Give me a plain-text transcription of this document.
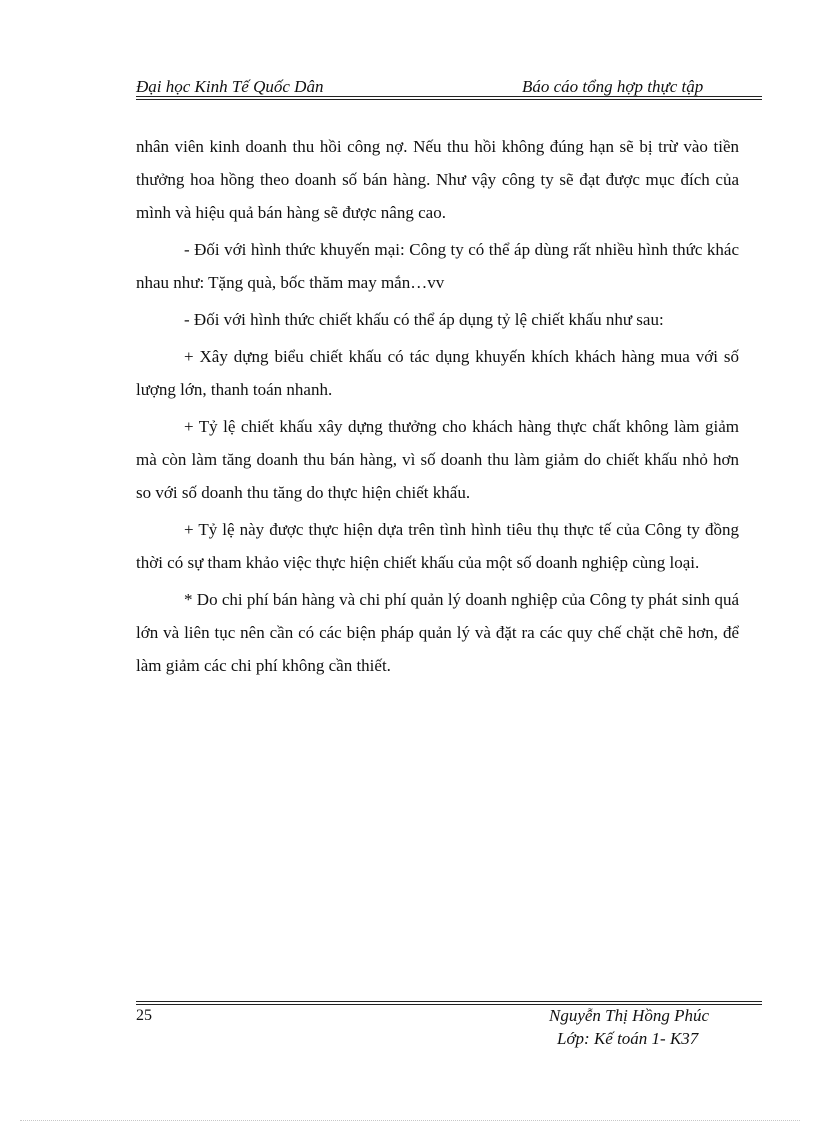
Đại học Kinh Tế Quốc Dân	Báo cáo tổng hợp thực tập

nhân viên kinh doanh thu hồi công nợ. Nếu thu hồi không đúng hạn sẽ bị trừ vào tiền thưởng hoa hồng theo doanh số bán hàng. Như vậy công ty sẽ đạt được mục đích của mình và hiệu quả bán hàng sẽ được nâng cao.

- Đối với hình thức khuyến mại: Công ty có thể áp dùng rất nhiều hình thức khác nhau như: Tặng quà, bốc thăm may mắn…vv

- Đối với hình thức chiết khấu có thể áp dụng tỷ lệ chiết khấu như sau:

+ Xây dựng biểu chiết khấu có tác dụng khuyến khích khách hàng mua với số lượng lớn, thanh toán nhanh.

+ Tỷ lệ chiết khấu xây dựng thưởng cho khách hàng thực chất không làm giảm mà còn làm tăng doanh thu bán hàng, vì số doanh thu làm giảm do chiết khấu nhỏ hơn so với số doanh thu tăng do thực hiện chiết khấu.

+ Tỷ lệ này được thực hiện dựa trên tình hình tiêu thụ thực tế của Công ty đồng thời có sự tham khảo việc thực hiện chiết khấu của một số doanh nghiệp cùng loại.

* Do chi phí bán hàng và chi phí quản lý doanh nghiệp của Công ty phát sinh quá lớn và liên tục nên cần có các biện pháp quản lý và đặt ra các quy chế chặt chẽ hơn, để làm giảm các chi phí không cần thiết.

25	Nguyễn Thị Hồng Phúc
Lớp: Kế toán 1- K37
